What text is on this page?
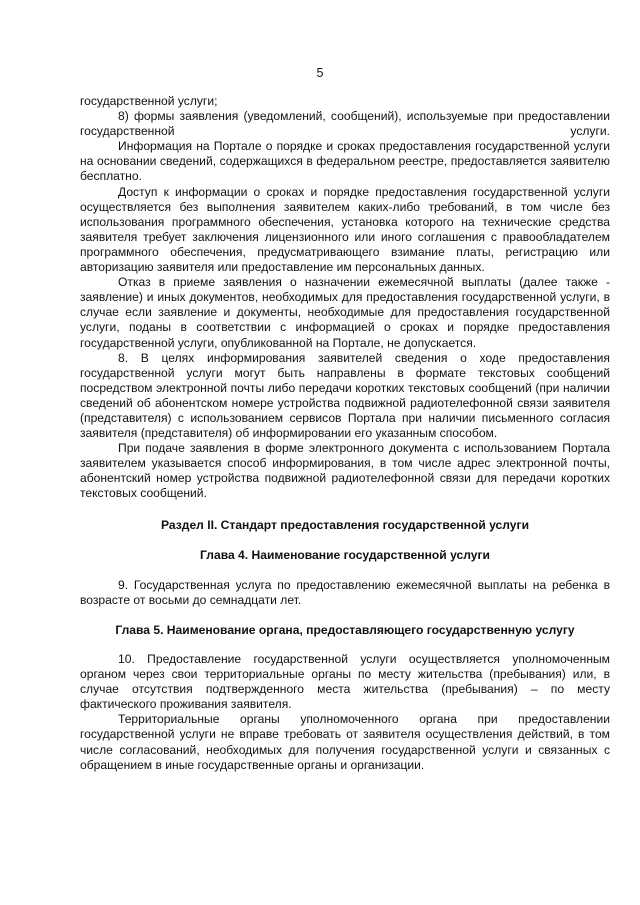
5

государственной услуги;

8) формы заявления (уведомлений, сообщений), используемые при предоставлении государственной услуги.

Информация на Портале о порядке и сроках предоставления государственной услуги на основании сведений, содержащихся в федеральном реестре, предоставляется заявителю бесплатно.

Доступ к информации о сроках и порядке предоставления государственной услуги осуществляется без выполнения заявителем каких-либо требований, в том числе без использования программного обеспечения, установка которого на технические средства заявителя требует заключения лицензионного или иного соглашения с правообладателем программного обеспечения, предусматривающего взимание платы, регистрацию или авторизацию заявителя или предоставление им персональных данных.

Отказ в приеме заявления о назначении ежемесячной выплаты (далее также - заявление) и иных документов, необходимых для предоставления государственной услуги, в случае если заявление и документы, необходимые для предоставления государственной услуги, поданы в соответствии с информацией о сроках и порядке предоставления государственной услуги, опубликованной на Портале, не допускается.

8. В целях информирования заявителей сведения о ходе предоставления государственной услуги могут быть направлены в формате текстовых сообщений посредством электронной почты либо передачи коротких текстовых сообщений (при наличии сведений об абонентском номере устройства подвижной радиотелефонной связи заявителя (представителя) с использованием сервисов Портала при наличии письменного согласия заявителя (представителя) об информировании его указанным способом.

При подаче заявления в форме электронного документа с использованием Портала заявителем указывается способ информирования, в том числе адрес электронной почты, абонентский номер устройства подвижной радиотелефонной связи для передачи коротких текстовых сообщений.

Раздел II. Стандарт предоставления государственной услуги
Глава 4. Наименование государственной услуги

9. Государственная услуга по предоставлению ежемесячной выплаты на ребенка в возрасте от восьми до семнадцати лет.

Глава 5. Наименование органа, предоставляющего государственную услугу

10. Предоставление государственной услуги осуществляется уполномоченным органом через свои территориальные органы по месту жительства (пребывания) или, в случае отсутствия подтвержденного места жительства (пребывания) – по месту фактического проживания заявителя.

Территориальные органы уполномоченного органа при предоставлении государственной услуги не вправе требовать от заявителя осуществления действий, в том числе согласований, необходимых для получения государственной услуги и связанных с обращением в иные государственные органы и организации.
